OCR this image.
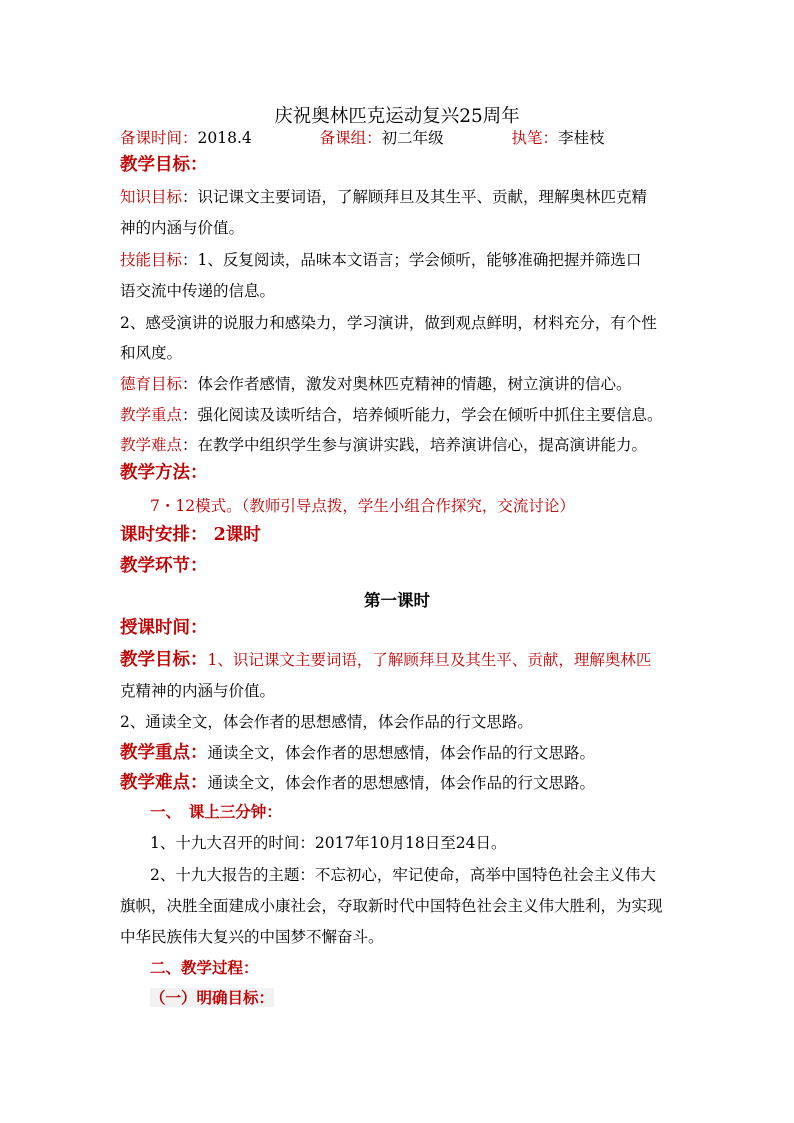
庆祝奥林匹克运动复兴25周年
备课时间：2018.4	备课组：初二年级	执笔：李桂枝
教学目标：
知识目标：识记课文主要词语，了解顾拜旦及其生平、贡献，理解奥林匹克精
神的内涵与价值。
技能目标：1、反复阅读，品味本文语言；学会倾听，能够准确把握并筛选口
语交流中传递的信息。
2、感受演讲的说服力和感染力，学习演讲，做到观点鲜明，材料充分，有个性
和风度。
德育目标：体会作者感情，激发对奥林匹克精神的情趣，树立演讲的信心。
教学重点：强化阅读及读听结合，培养倾听能力，学会在倾听中抓住主要信息。
教学难点：在教学中组织学生参与演讲实践，培养演讲信心，提高演讲能力。
教学方法：
7・12模式。（教师引导点拨，学生小组合作探究，交流讨论）
课时安排： 2课时
教学环节：
第一课时
授课时间：
教学目标：1、识记课文主要词语，了解顾拜旦及其生平、贡献，理解奥林匹
克精神的内涵与价值。
2、通读全文，体会作者的思想感情，体会作品的行文思路。
教学重点：通读全文，体会作者的思想感情，体会作品的行文思路。
教学难点：通读全文，体会作者的思想感情，体会作品的行文思路。
一、　课上三分钟：
1、十九大召开的时间：2017年10月18日至24日。
2、十九大报告的主题：不忘初心，牢记使命，高举中国特色社会主义伟大
旗帜，决胜全面建成小康社会，夺取新时代中国特色社会主义伟大胜利，为实现
中华民族伟大复兴的中国梦不懈奋斗。
二、教学过程：
（一）明确目标：
